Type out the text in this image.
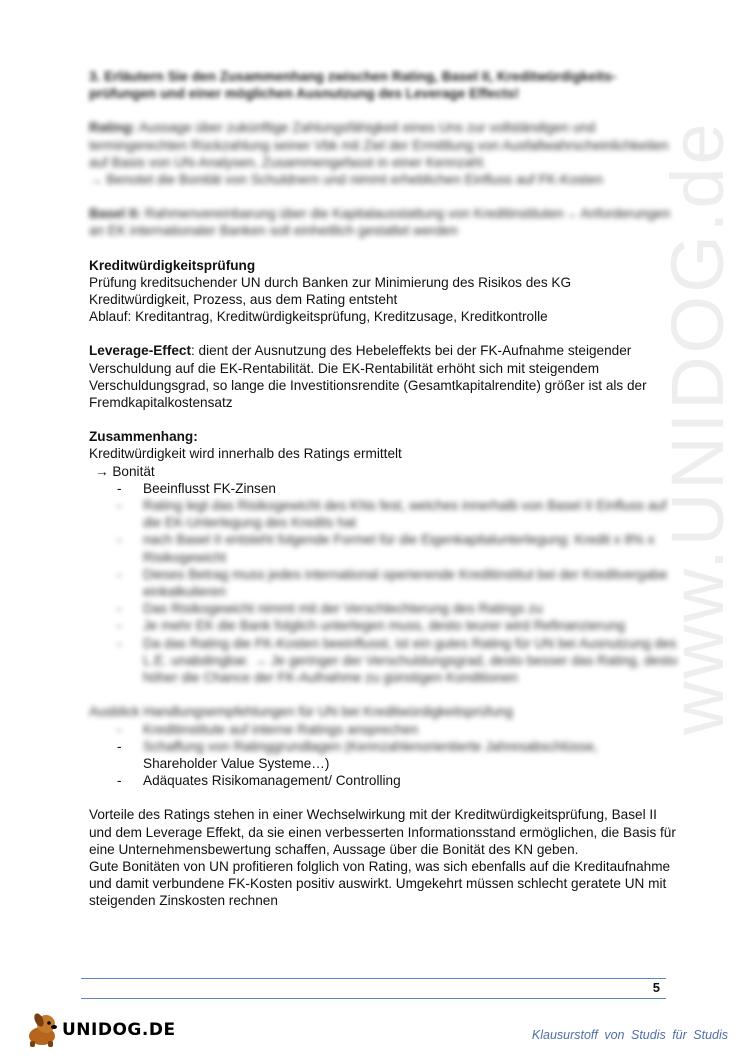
www.UNIDOG.de

3. Erläutern Sie den Zusammenhang zwischen Rating, Basel II, Kreditwürdigkeits-

prüfungen und einer möglichen Ausnutzung des Leverage Effects!

Rating: Aussage über zukünftige Zahlungsfähigkeit eines Uns zur vollständigen und termingerechten Rückzahlung seiner Vbk mit Ziel der Ermittlung von Ausfallwahrscheinlichkeiten auf Basis von UN-Analysen, Zusammengefasst in einer Kennzahl.

→ Benotet die Bonität von Schuldnern und nimmt erheblichen Einfluss auf FK-Kosten

Basel II: Rahmenvereinbarung über die Kapitalausstattung von Kreditinstituten→ Anforderungen an EK internationaler Banken soll einheitlich gestaltet werden

Kreditwürdigkeitsprüfung

Prüfung kreditsuchender UN durch Banken zur Minimierung des Risikos des KG

Kreditwürdigkeit, Prozess, aus dem Rating entsteht

Ablauf: Kreditantrag, Kreditwürdigkeitsprüfung, Kreditzusage, Kreditkontrolle

Leverage-Effect: dient der Ausnutzung des Hebeleffekts bei der FK-Aufnahme steigender Verschuldung auf die EK-Rentabilität. Die EK-Rentabilität erhöht sich mit steigendem Verschuldungsgrad, so lange die Investitionsrendite (Gesamtkapitalrendite) größer ist als der Fremdkapitalkostensatz

Zusammenhang:

Kreditwürdigkeit wird innerhalb des Ratings ermittelt

→ Bonität

- Beeinflusst FK-Zinsen
- Rating legt das Risikogewicht des KNs fest, welches innerhalb von Basel II Einfluss auf die EK-Unterlegung des Kredits hat
- nach Basel II entsteht folgende Formel für die Eigenkapitalunterlegung: Kredit x 8% x Risikogewicht
- Dieses Betrag muss jedes international operierende Kreditinstitut bei der Kreditvergabe einkalkulieren
- Das Risikogewicht nimmt mit der Verschlechterung des Ratings zu
- Je mehr EK die Bank folglich unterlegen muss, desto teurer wird Refinanzierung
- Da das Rating die FK-Kosten beeinflusst, ist ein gutes Rating für UN bei Ausnutzung des L.E. unabdingbar. → Je geringer der Verschuldungsgrad, desto besser das Rating, desto höher die Chance der FK-Aufnahme zu günstigen Konditionen

Ausblick Handlungsempfehlungen für UN bei Kreditwürdigkeitsprüfung

- Kreditinstitute auf interne Ratings ansprechen
- Schaffung von Ratinggrundlagen (Kennzahlenorientierte Jahresabschlüsse,
Shareholder Value Systeme…)
- Adäquates Risikomanagement/ Controlling

Vorteile des Ratings stehen in einer Wechselwirkung mit der Kreditwürdigkeitsprüfung, Basel II und dem Leverage Effekt, da sie einen verbesserten Informationsstand ermöglichen, die Basis für eine Unternehmensbewertung schaffen, Aussage über die Bonität des KN geben.

Gute Bonitäten von UN profitieren folglich von Rating, was sich ebenfalls auf die Kreditaufnahme und damit verbundene FK-Kosten positiv auswirkt. Umgekehrt müssen schlecht geratete UN mit steigenden Zinskosten rechnen

5
UNIDOG.DE	Klausurstoff von Studis für Studis
